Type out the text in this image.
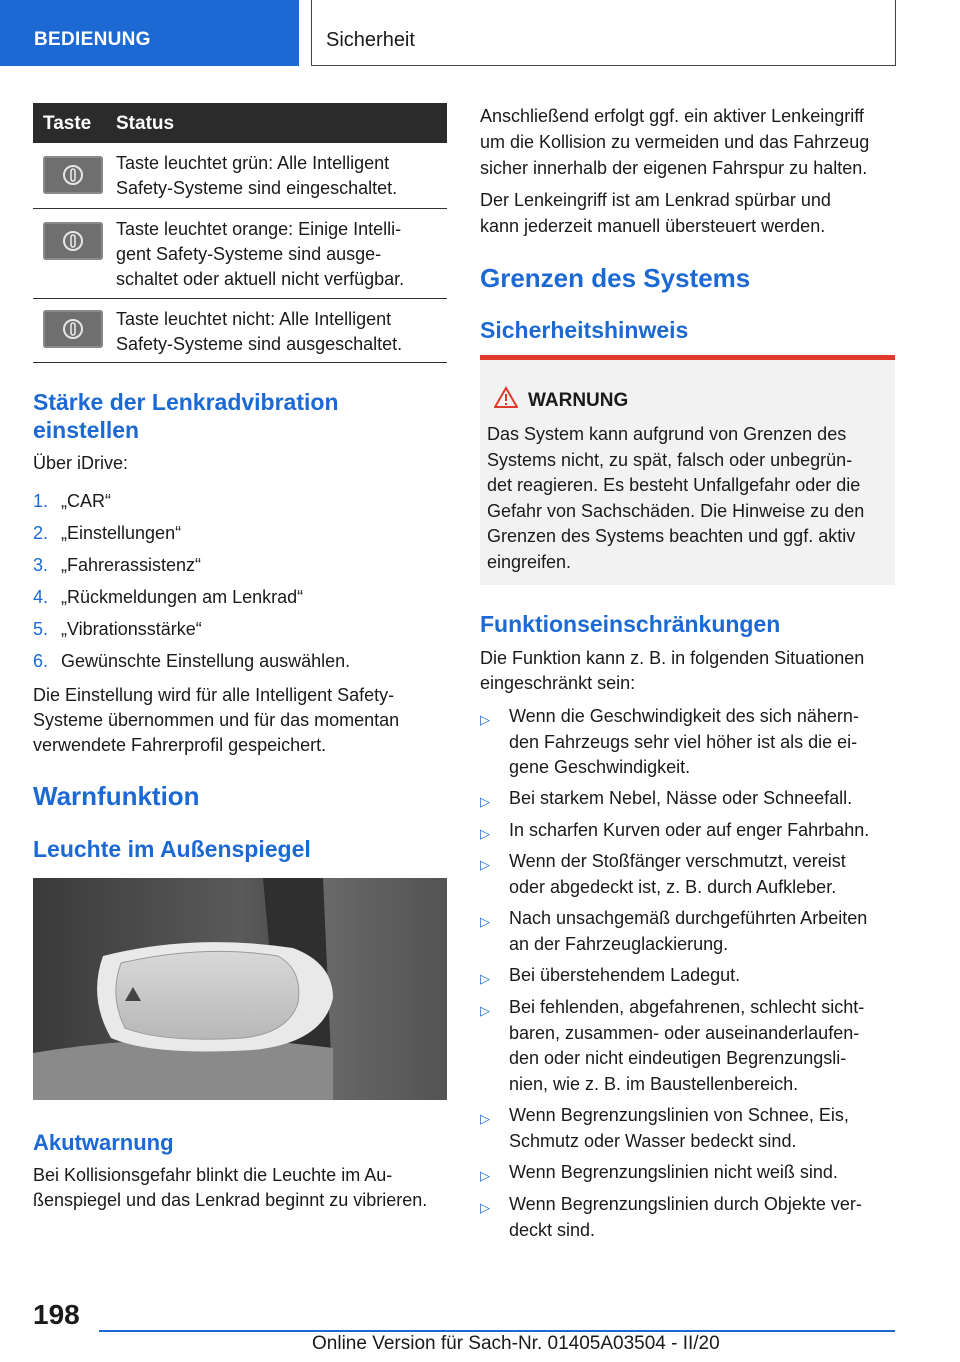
BEDIENUNG	Sicherheit
Taste Status
Taste leuchtet grün: Alle Intelligent
Safety-Systeme sind eingeschaltet.
Taste leuchtet orange: Einige Intelli-
gent Safety-Systeme sind ausge-
schaltet oder aktuell nicht verfügbar.
Taste leuchtet nicht: Alle Intelligent
Safety-Systeme sind ausgeschaltet.
Stärke der Lenkradvibration
einstellen
Über iDrive:
1. „CAR“
2. „Einstellungen“
3. „Fahrerassistenz“
4. „Rückmeldungen am Lenkrad“
5. „Vibrationsstärke“
6. Gewünschte Einstellung auswählen.
Die Einstellung wird für alle Intelligent Safety-
Systeme übernommen und für das momentan
verwendete Fahrerprofil gespeichert.
Warnfunktion
Leuchte im Außenspiegel
Akutwarnung
Bei Kollisionsgefahr blinkt die Leuchte im Au-
ßenspiegel und das Lenkrad beginnt zu vibrieren.
Anschließend erfolgt ggf. ein aktiver Lenkeingriff
um die Kollision zu vermeiden und das Fahrzeug
sicher innerhalb der eigenen Fahrspur zu halten.
Der Lenkeingriff ist am Lenkrad spürbar und
kann jederzeit manuell übersteuert werden.
Grenzen des Systems
Sicherheitshinweis
WARNUNG
Das System kann aufgrund von Grenzen des
Systems nicht, zu spät, falsch oder unbegrün-
det reagieren. Es besteht Unfallgefahr oder die
Gefahr von Sachschäden. Die Hinweise zu den
Grenzen des Systems beachten und ggf. aktiv
eingreifen.
Funktionseinschränkungen
Die Funktion kann z. B. in folgenden Situationen
eingeschränkt sein:
▷ Wenn die Geschwindigkeit des sich nähern-
den Fahrzeugs sehr viel höher ist als die ei-
gene Geschwindigkeit.
▷ Bei starkem Nebel, Nässe oder Schneefall.
▷ In scharfen Kurven oder auf enger Fahrbahn.
▷ Wenn der Stoßfänger verschmutzt, vereist
oder abgedeckt ist, z. B. durch Aufkleber.
▷ Nach unsachgemäß durchgeführten Arbeiten
an der Fahrzeuglackierung.
▷ Bei überstehendem Ladegut.
▷ Bei fehlenden, abgefahrenen, schlecht sicht-
baren, zusammen- oder auseinanderlaufen-
den oder nicht eindeutigen Begrenzungsli-
nien, wie z. B. im Baustellenbereich.
▷ Wenn Begrenzungslinien von Schnee, Eis,
Schmutz oder Wasser bedeckt sind.
▷ Wenn Begrenzungslinien nicht weiß sind.
▷ Wenn Begrenzungslinien durch Objekte ver-
deckt sind.
198
Online Version für Sach-Nr. 01405A03504 - II/20
